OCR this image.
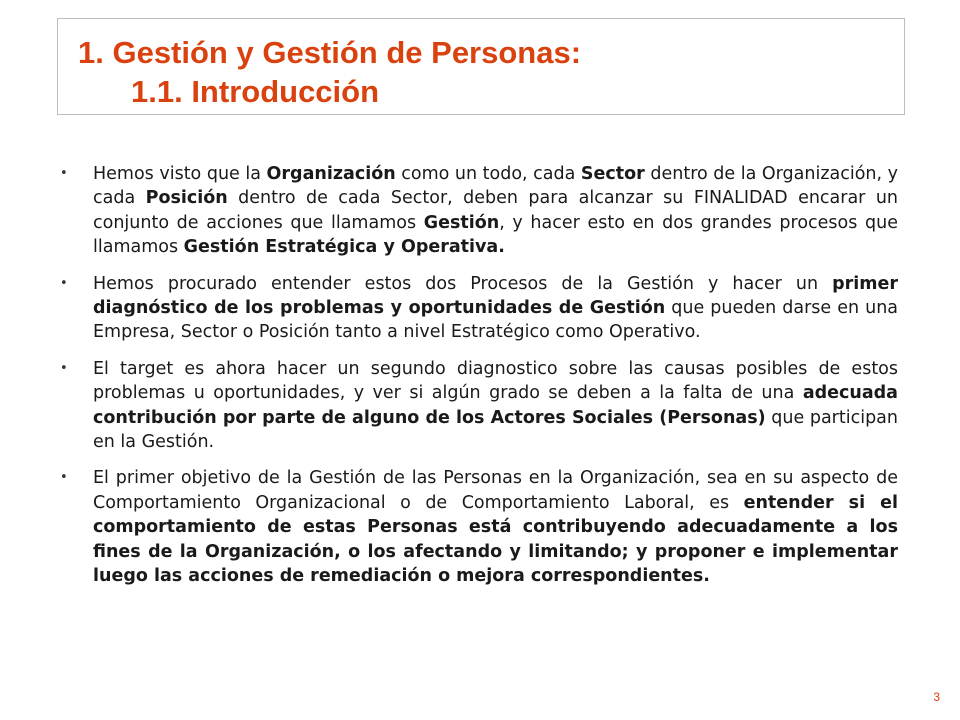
1. Gestión y Gestión de Personas:
1.1. Introducción
• Hemos visto que la Organización como un todo, cada Sector dentro de la Organización, y cada Posición dentro de cada Sector, deben para alcanzar su FINALIDAD encarar un conjunto de acciones que llamamos Gestión, y hacer esto en dos grandes procesos que llamamos Gestión Estratégica y Operativa.
• Hemos procurado entender estos dos Procesos de la Gestión y hacer un primer diagnóstico de los problemas y oportunidades de Gestión que pueden darse en una Empresa, Sector o Posición tanto a nivel Estratégico como Operativo.
• El target es ahora hacer un segundo diagnostico sobre las causas posibles de estos problemas u oportunidades, y ver si algún grado se deben a la falta de una adecuada contribución por parte de alguno de los Actores Sociales (Personas) que participan en la Gestión.
• El primer objetivo de la Gestión de las Personas en la Organización, sea en su aspecto de Comportamiento Organizacional o de Comportamiento Laboral, es entender si el comportamiento de estas Personas está contribuyendo adecuadamente a los fines de la Organización, o los afectando y limitando; y proponer e implementar luego las acciones de remediación o mejora correspondientes.
3
